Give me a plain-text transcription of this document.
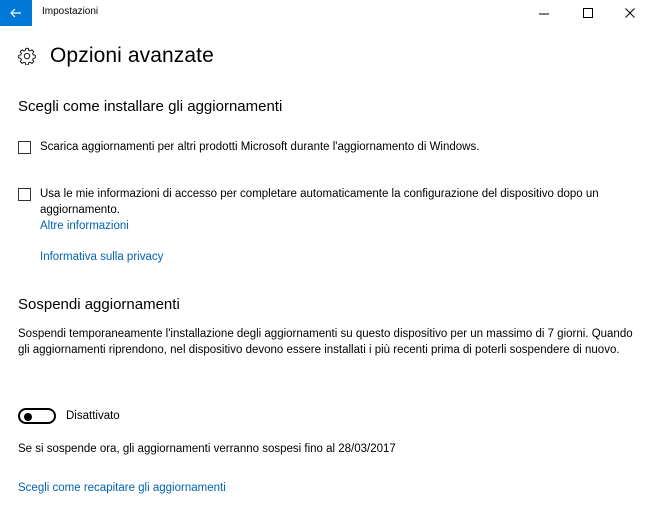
Impostazioni
Opzioni avanzate
Scegli come installare gli aggiornamenti
Scarica aggiornamenti per altri prodotti Microsoft durante l'aggiornamento di Windows.
Usa le mie informazioni di accesso per completare automaticamente la configurazione del dispositivo dopo un aggiornamento.
Altre informazioni
Informativa sulla privacy
Sospendi aggiornamenti
Sospendi temporaneamente l'installazione degli aggiornamenti su questo dispositivo per un massimo di 7 giorni. Quando gli aggiornamenti riprendono, nel dispositivo devono essere installati i più recenti prima di poterli sospendere di nuovo.
Disattivato
Se si sospende ora, gli aggiornamenti verranno sospesi fino al 28/03/2017
Scegli come recapitare gli aggiornamenti
